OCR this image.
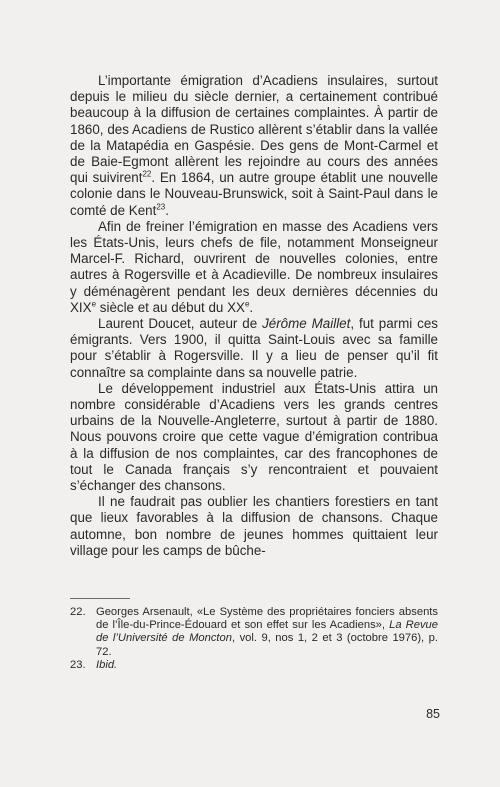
L’importante émigration d’Acadiens insulaires, surtout depuis le milieu du siècle dernier, a certainement contribué beaucoup à la diffusion de certaines complaintes. À partir de 1860, des Acadiens de Rustico allèrent s’établir dans la vallée de la Matapédia en Gaspésie. Des gens de Mont-Carmel et de Baie-Egmont allèrent les rejoindre au cours des années qui suivirent$^{22}$. En 1864, un autre groupe établit une nouvelle colonie dans le Nouveau-Brunswick, soit à Saint-Paul dans le comté de Kent$^{23}$.

Afin de freiner l’émigration en masse des Acadiens vers les États-Unis, leurs chefs de file, notamment Monseigneur Marcel-F. Richard, ouvrirent de nouvelles colonies, entre autres à Rogersville et à Acadieville. De nombreux insulaires y déménagèrent pendant les deux dernières décennies du XIXe siècle et au début du XXe.

Laurent Doucet, auteur de Jérôme Maillet, fut parmi ces émigrants. Vers 1900, il quitta Saint-Louis avec sa famille pour s’établir à Rogersville. Il y a lieu de penser qu’il fit connaître sa complainte dans sa nouvelle patrie.

Le développement industriel aux États-Unis attira un nombre considérable d’Acadiens vers les grands centres urbains de la Nouvelle-Angleterre, surtout à partir de 1880. Nous pouvons croire que cette vague d’émigration contribua à la diffusion de nos complaintes, car des francophones de tout le Canada français s’y rencontraient et pouvaient s’échanger des chansons.

Il ne faudrait pas oublier les chantiers forestiers en tant que lieux favorables à la diffusion de chansons. Chaque automne, bon nombre de jeunes hommes quittaient leur village pour les camps de bûche-

22. Georges Arsenault, «Le Système des propriétaires fonciers absents de l’Île-du-Prince-Édouard et son effet sur les Acadiens», La Revue de l’Université de Moncton, vol. 9, nos 1, 2 et 3 (octobre 1976), p. 72.
23. Ibid.
85
